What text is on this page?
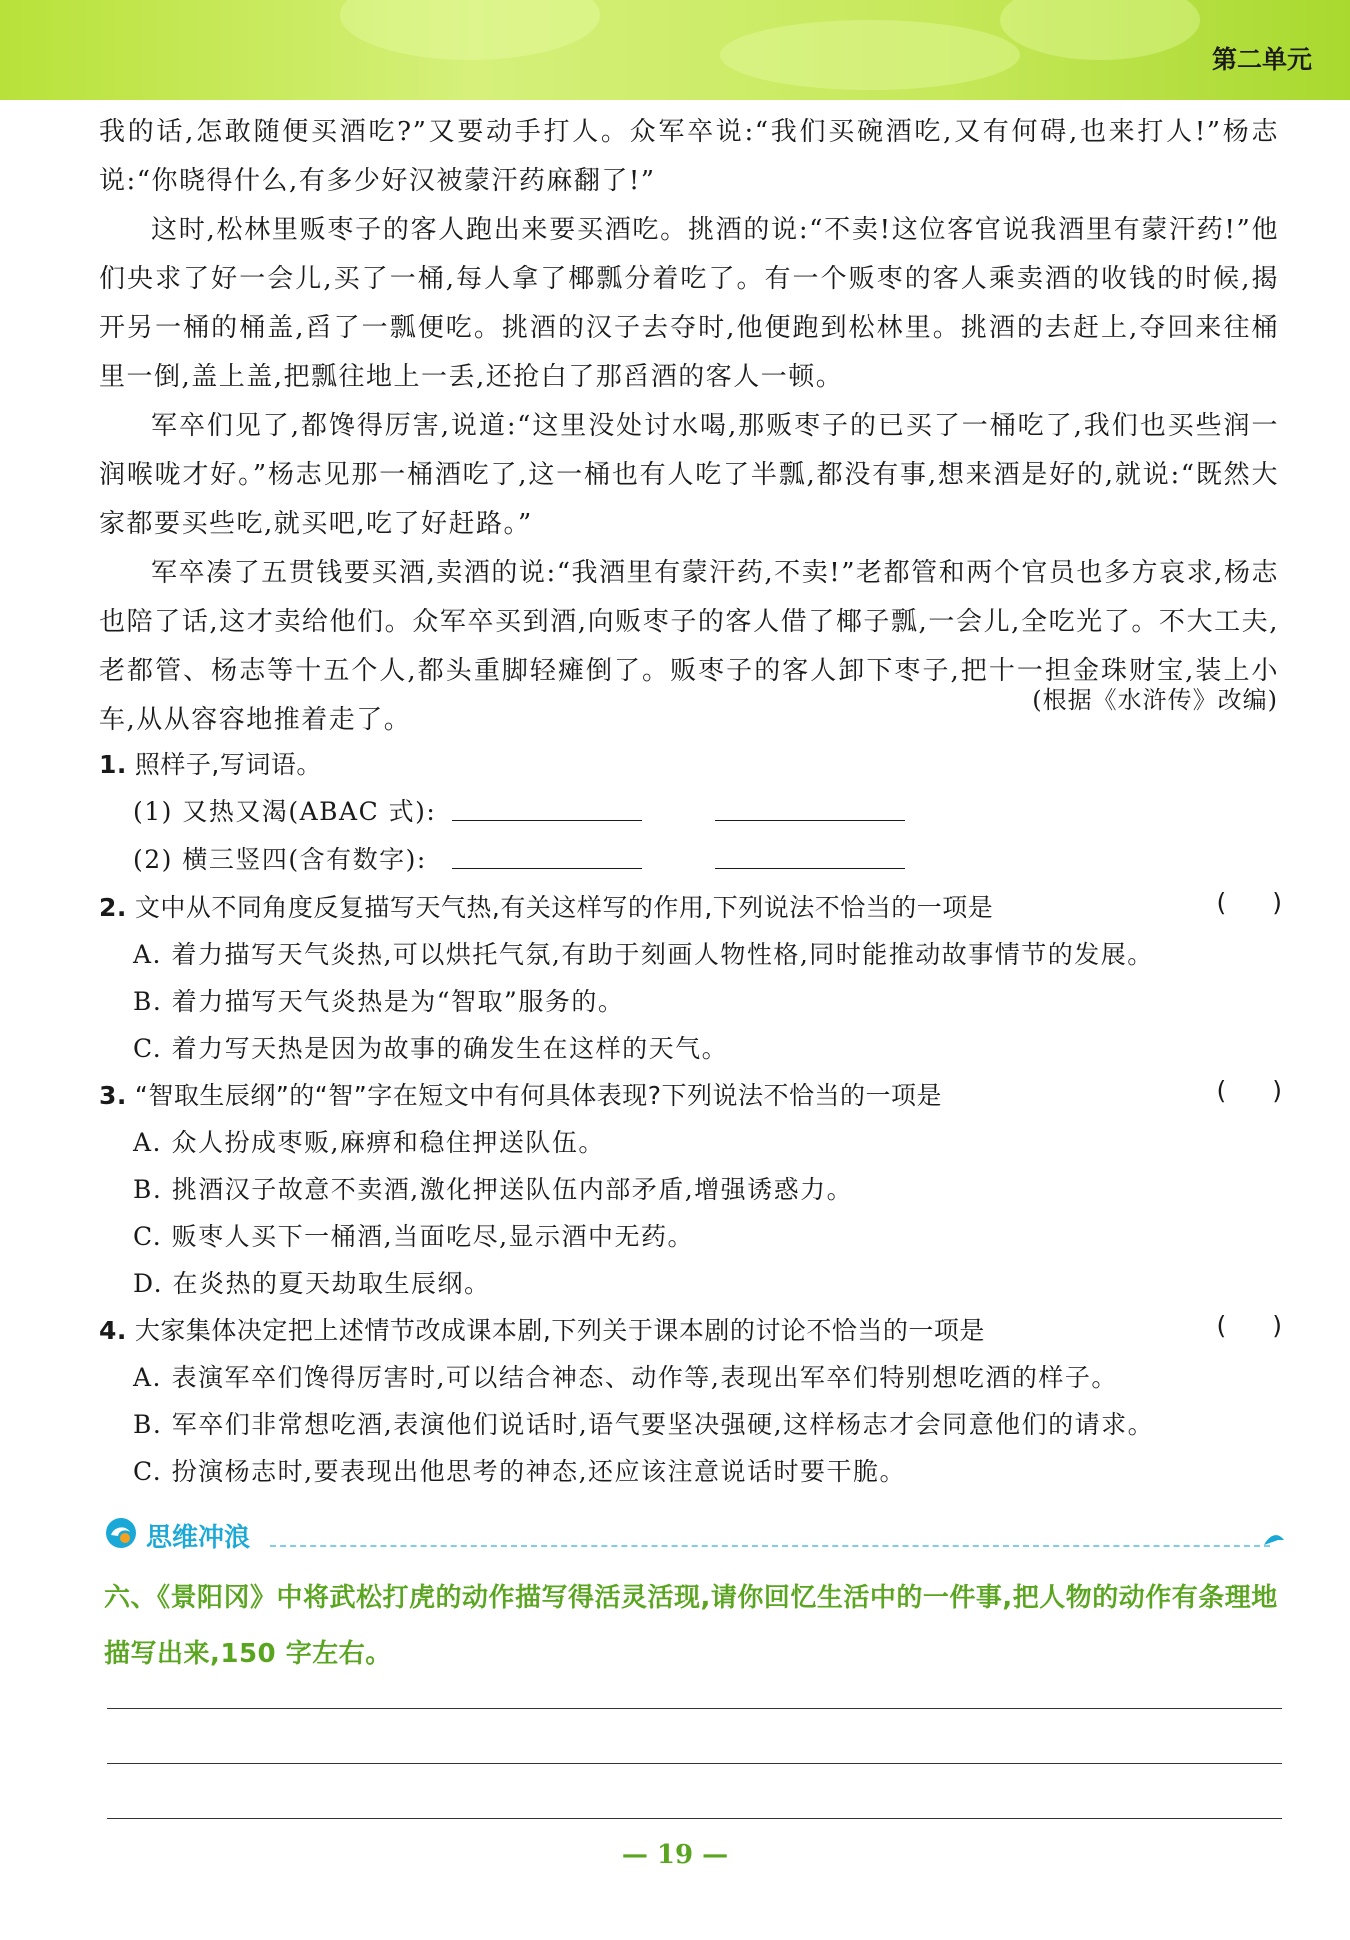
第二单元
我的话,怎敢随便买酒吃?”又要动手打人。众军卒说:“我们买碗酒吃,又有何碍,也来打人!”杨志说:“你晓得什么,有多少好汉被蒙汗药麻翻了!”
这时,松林里贩枣子的客人跑出来要买酒吃。挑酒的说:“不卖!这位客官说我酒里有蒙汗药!”他们央求了好一会儿,买了一桶,每人拿了椰瓢分着吃了。有一个贩枣的客人乘卖酒的收钱的时候,揭开另一桶的桶盖,舀了一瓢便吃。挑酒的汉子去夺时,他便跑到松林里。挑酒的去赶上,夺回来往桶里一倒,盖上盖,把瓢往地上一丢,还抢白了那舀酒的客人一顿。
军卒们见了,都馋得厉害,说道:“这里没处讨水喝,那贩枣子的已买了一桶吃了,我们也买些润一润喉咙才好。”杨志见那一桶酒吃了,这一桶也有人吃了半瓢,都没有事,想来酒是好的,就说:“既然大家都要买些吃,就买吧,吃了好赶路。”
军卒凑了五贯钱要买酒,卖酒的说:“我酒里有蒙汗药,不卖!”老都管和两个官员也多方哀求,杨志也陪了话,这才卖给他们。众军卒买到酒,向贩枣子的客人借了椰子瓢,一会儿,全吃光了。不大工夫,老都管、杨志等十五个人,都头重脚轻瘫倒了。贩枣子的客人卸下枣子,把十一担金珠财宝,装上小车,从从容容地推着走了。
(根据《水浒传》改编)
1. 照样子,写词语。
(1) 又热又渴(ABAC 式):
(2) 横三竖四(含有数字):
2. 文中从不同角度反复描写天气热,有关这样写的作用,下列说法不恰当的一项是	( )
A. 着力描写天气炎热,可以烘托气氛,有助于刻画人物性格,同时能推动故事情节的发展。
B. 着力描写天气炎热是为“智取”服务的。
C. 着力写天热是因为故事的确发生在这样的天气。
3. “智取生辰纲”的“智”字在短文中有何具体表现?下列说法不恰当的一项是	( )
A. 众人扮成枣贩,麻痹和稳住押送队伍。
B. 挑酒汉子故意不卖酒,激化押送队伍内部矛盾,增强诱惑力。
C. 贩枣人买下一桶酒,当面吃尽,显示酒中无药。
D. 在炎热的夏天劫取生辰纲。
4. 大家集体决定把上述情节改成课本剧,下列关于课本剧的讨论不恰当的一项是	( )
A. 表演军卒们馋得厉害时,可以结合神态、动作等,表现出军卒们特别想吃酒的样子。
B. 军卒们非常想吃酒,表演他们说话时,语气要坚决强硬,这样杨志才会同意他们的请求。
C. 扮演杨志时,要表现出他思考的神态,还应该注意说话时要干脆。
思维冲浪
六、《景阳冈》中将武松打虎的动作描写得活灵活现,请你回忆生活中的一件事,把人物的动作有条理地描写出来,150 字左右。
— 19 —
